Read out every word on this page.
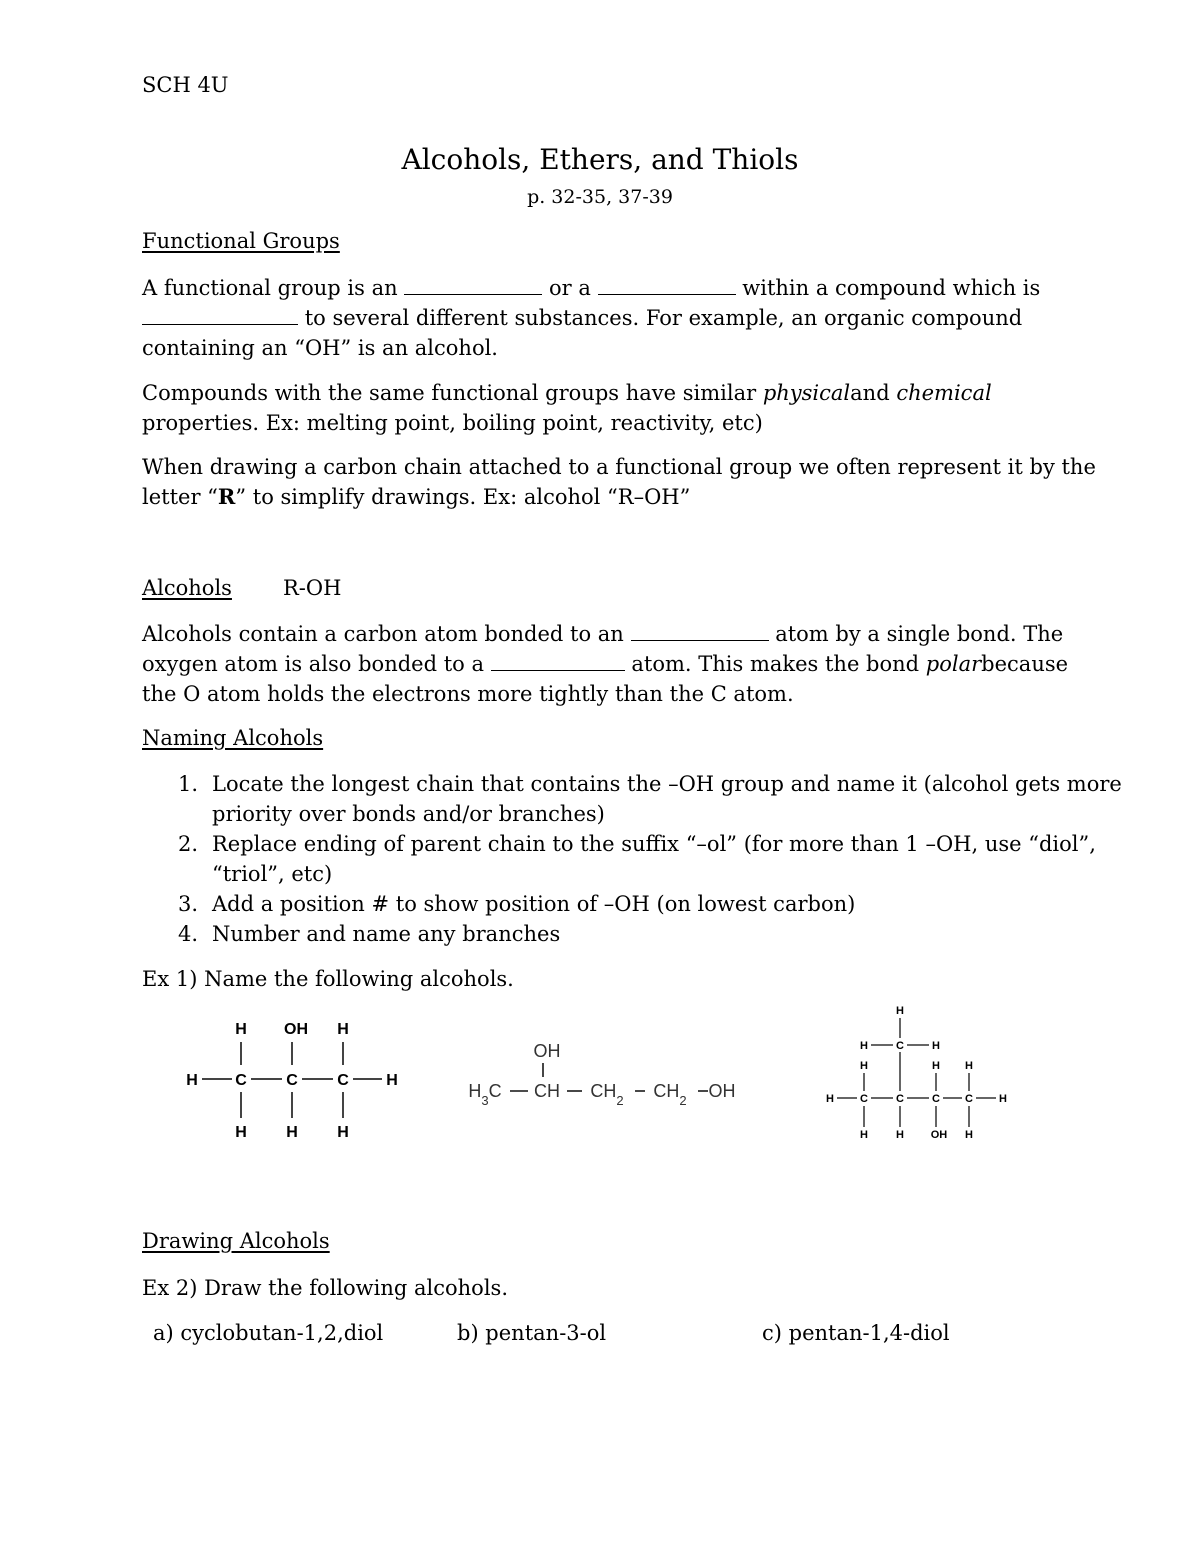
SCH 4U
Alcohols, Ethers, and Thiols
p. 32-35, 37-39
Functional Groups
A functional group is an	or a	within a compound which is
to several different substances. For example, an organic compound
containing an “OH” is an alcohol.
Compounds with the same functional groups have similar physicaland chemical
properties. Ex: melting point, boiling point, reactivity, etc)
When drawing a carbon chain attached to a functional group we often represent it by the
letter “R” to simplify drawings. Ex: alcohol “R–OH”
Alcohols R-OH
Alcohols contain a carbon atom bonded to an	atom by a single bond. The
oxygen atom is also bonded to a	atom. This makes the bond polarbecause
the O atom holds the electrons more tightly than the C atom.
Naming Alcohols
1. Locate the longest chain that contains the –OH group and name it (alcohol gets more
priority over bonds and/or branches)
2. Replace ending of parent chain to the suffix “–ol” (for more than 1 –OH, use “diol”,
“triol”, etc)
3. Add a position # to show position of –OH (on lowest carbon)
4. Number and name any branches
Ex 1) Name the following alcohols.
H OH H
H C C C H
H H H
OH
$H_3C$ CH $CH_2$ $CH_2$ OH
H
H	C	H
H	H H
H C	C	C C H
H	H OH H
Drawing Alcohols
Ex 2) Draw the following alcohols.
a) cyclobutan-1,2,diol	b) pentan-3-ol	c) pentan-1,4-diol
